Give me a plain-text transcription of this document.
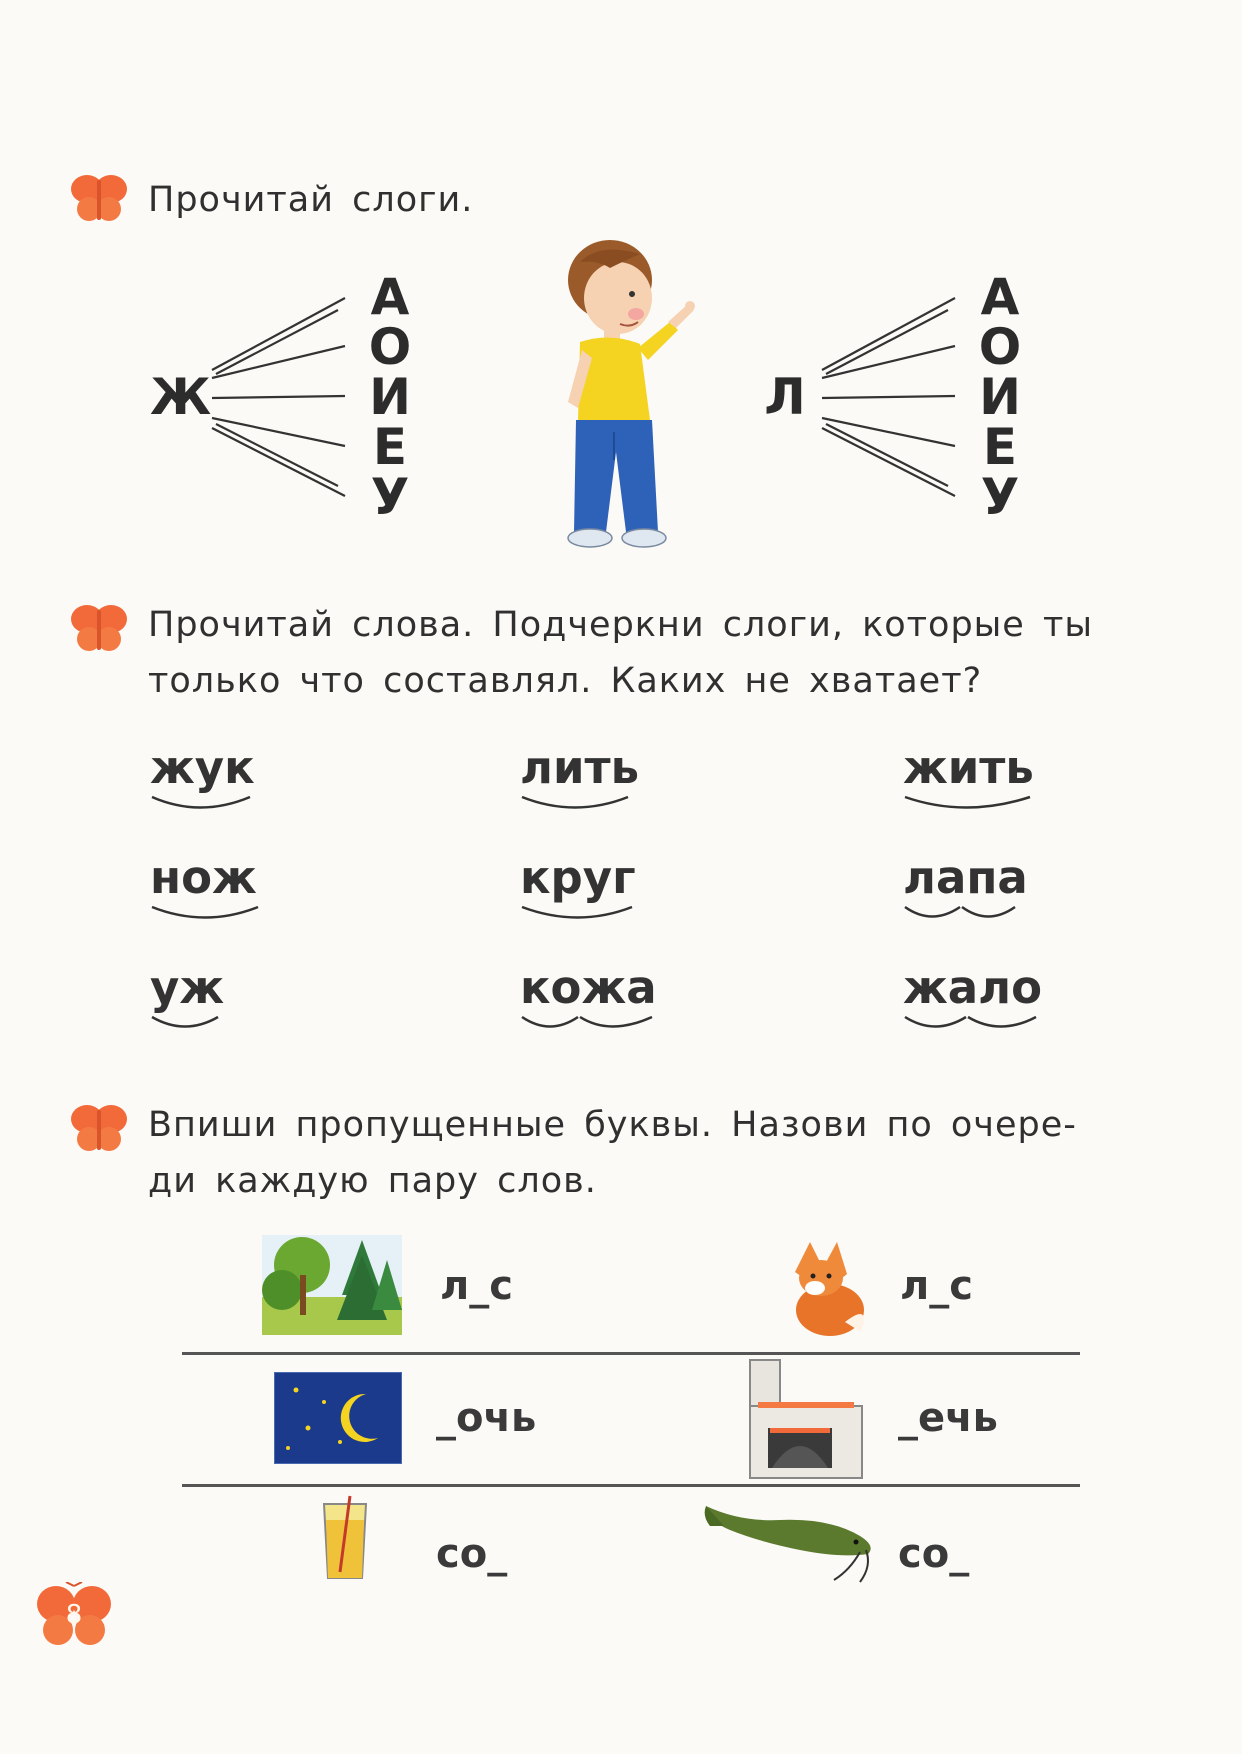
Прочитай слоги.
Ж
А
О
И
Е
У
Л
А
О
И
Е
У
Прочитай слова. Подчеркни слоги, которые ты
только что составлял. Каких не хватает?
жук	лить	жить
нож	круг	лапа
уж	кожа	жало
Впиши пропущенные буквы. Назови по очере-
ди каждую пару слов.
л_с	л_с
_очь	_ечь
со_	со_
8
